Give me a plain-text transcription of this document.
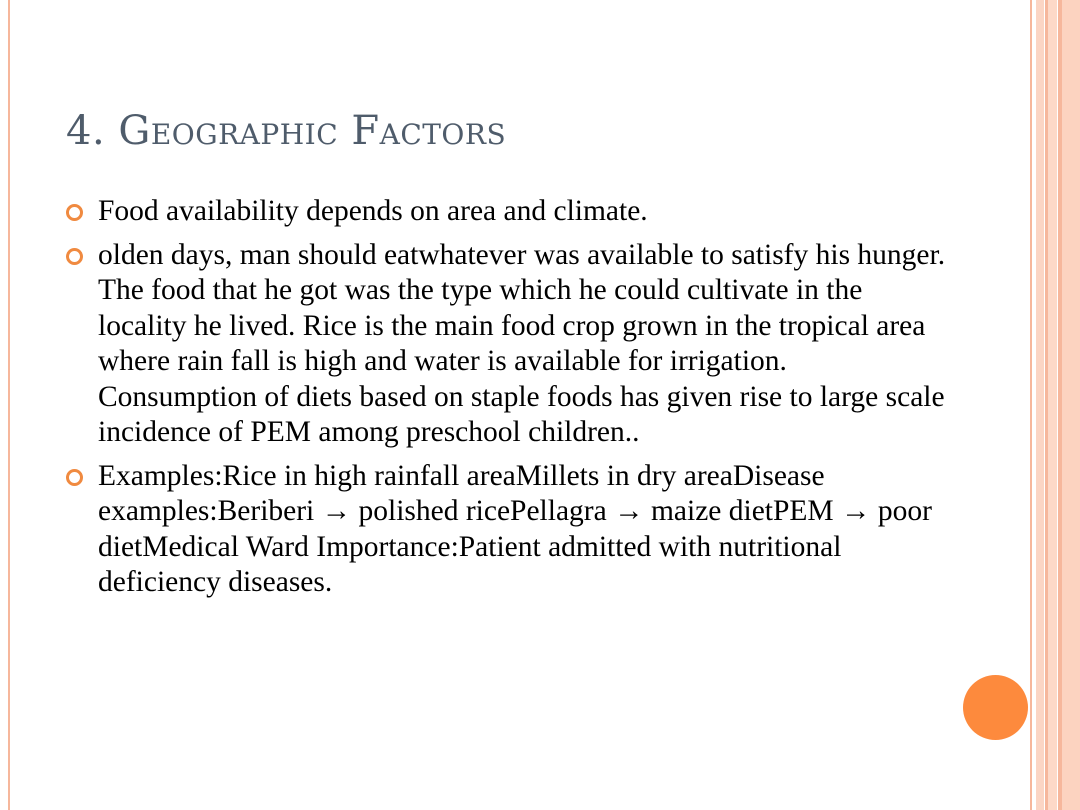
4. Geographic Factors
Food availability depends on area and climate.
olden days, man should eatwhatever was available to satisfy his hunger. The food that he got was the type which he could cultivate in the locality he lived. Rice is the main food crop grown in the tropical area where rain fall is high and water is available for irrigation. Consumption of diets based on staple foods has given rise to large scale incidence of PEM among preschool children..
Examples:Rice in high rainfall areaMillets in dry areaDisease examples:Beriberi → polished ricePellagra → maize dietPEM → poor dietMedical Ward Importance:Patient admitted with nutritional deficiency diseases.
